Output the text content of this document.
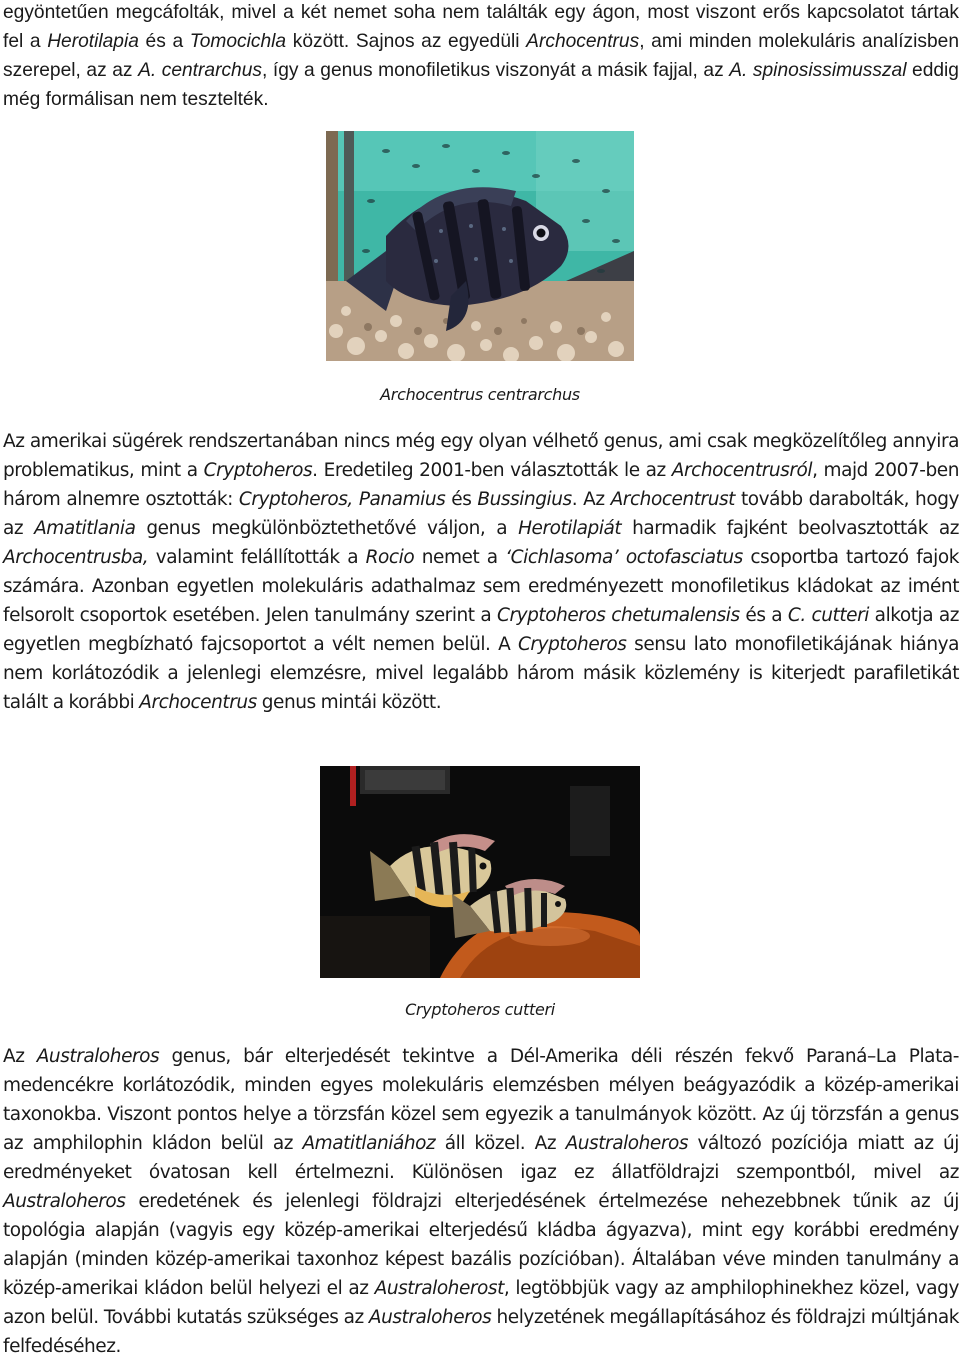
egyöntetűen megcáfolták, mivel a két nemet soha nem találták egy ágon, most viszont erős kapcsolatot tártak fel a Herotilapia és a Tomocichla között. Sajnos az egyedüli Archocentrus, ami minden molekuláris analízisben szerepel, az az A. centrarchus, így a genus monofiletikus viszonyát a másik fajjal, az A. spinosissimusszal eddig még formálisan nem tesztelték.

Archocentrus centrarchus

Az amerikai sügérek rendszertanában nincs még egy olyan vélhető genus, ami csak megközelítőleg annyira problematikus, mint a Cryptoheros. Eredetileg 2001-ben választották le az Archocentrusról, majd 2007-ben három alnemre osztották: Cryptoheros, Panamius és Bussingius. Az Archocentrust tovább darabolták, hogy az Amatitlania genus megkülönböztethetővé váljon, a Herotilapiát harmadik fajként beolvasztották az Archocentrusba, valamint felállították a Rocio nemet a ‘Cichlasoma’ octofasciatus csoportba tartozó fajok számára. Azonban egyetlen molekuláris adathalmaz sem eredményezett monofiletikus kládokat az imént felsorolt csoportok esetében. Jelen tanulmány szerint a Cryptoheros chetumalensis és a C. cutteri alkotja az egyetlen megbízható fajcsoportot a vélt nemen belül. A Cryptoheros sensu lato monofiletikájának hiánya nem korlátozódik a jelenlegi elemzésre, mivel legalább három másik közlemény is kiterjedt parafiletikát talált a korábbi Archocentrus genus mintái között.

Cryptoheros cutteri

Az Australoheros genus, bár elterjedését tekintve a Dél-Amerika déli részén fekvő Paraná–La Plata-medencékre korlátozódik, minden egyes molekuláris elemzésben mélyen beágyazódik a közép-amerikai taxonokba. Viszont pontos helye a törzsfán közel sem egyezik a tanulmányok között. Az új törzsfán a genus az amphilophin kládon belül az Amatitlaniához áll közel. Az Australoheros változó pozíciója miatt az új eredményeket óvatosan kell értelmezni. Különösen igaz ez állatföldrajzi szempontból, mivel az Australoheros eredetének és jelenlegi földrajzi elterjedésének értelmezése nehezebbnek tűnik az új topológia alapján (vagyis egy közép-amerikai elterjedésű kládba ágyazva), mint egy korábbi eredmény alapján (minden közép-amerikai taxonhoz képest bazális pozícióban). Általában véve minden tanulmány a közép-amerikai kládon belül helyezi el az Australoherost, legtöbbjük vagy az amphilophinekhez közel, vagy azon belül. További kutatás szükséges az Australoheros helyzetének megállapításához és földrajzi múltjának felfedéséhez.
